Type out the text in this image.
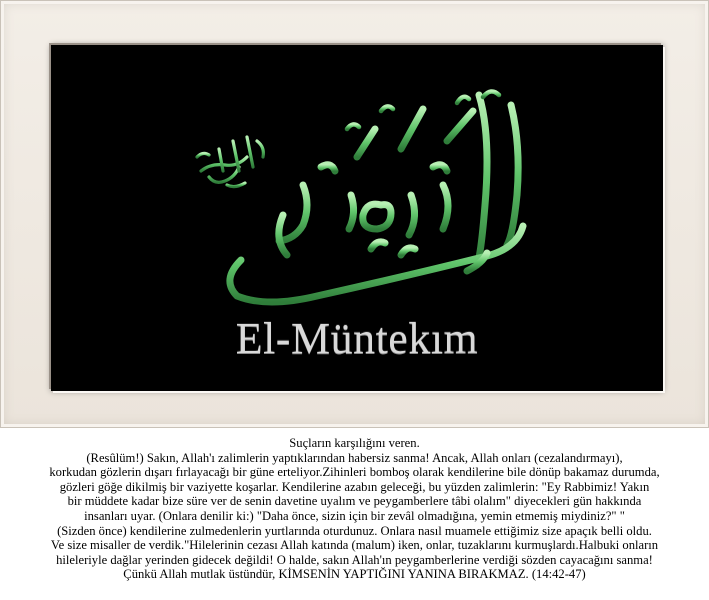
El-Müntekım
Suçların karşılığını veren.
(Resûlüm!) Sakın, Allah'ı zalimlerin yaptıklarından habersiz sanma! Ancak, Allah onları (cezalandırmayı),
korkudan gözlerin dışarı fırlayacağı bir güne erteliyor.Zihinleri bomboş olarak kendilerine bile dönüp bakamaz durumda,
gözleri göğe dikilmiş bir vaziyette koşarlar. Kendilerine azabın geleceği, bu yüzden zalimlerin: "Ey Rabbimiz! Yakın
bir müddete kadar bize süre ver de senin davetine uyalım ve peygamberlere tâbi olalım" diyecekleri gün hakkında
insanları uyar. (Onlara denilir ki:) "Daha önce, sizin için bir zevâl olmadığına, yemin etmemiş miydiniz?" "
(Sizden önce) kendilerine zulmedenlerin yurtlarında oturdunuz. Onlara nasıl muamele ettiğimiz size apaçık belli oldu.
Ve size misaller de verdik."Hilelerinin cezası Allah katında (malum) iken, onlar, tuzaklarını kurmuşlardı.Halbuki onların
hileleriyle dağlar yerinden gidecek değildi! O halde, sakın Allah'ın peygamberlerine verdiği sözden cayacağını sanma!
Çünkü Allah mutlak üstündür, KİMSENİN YAPTIĞINI YANINA BIRAKMAZ. (14:42-47)
